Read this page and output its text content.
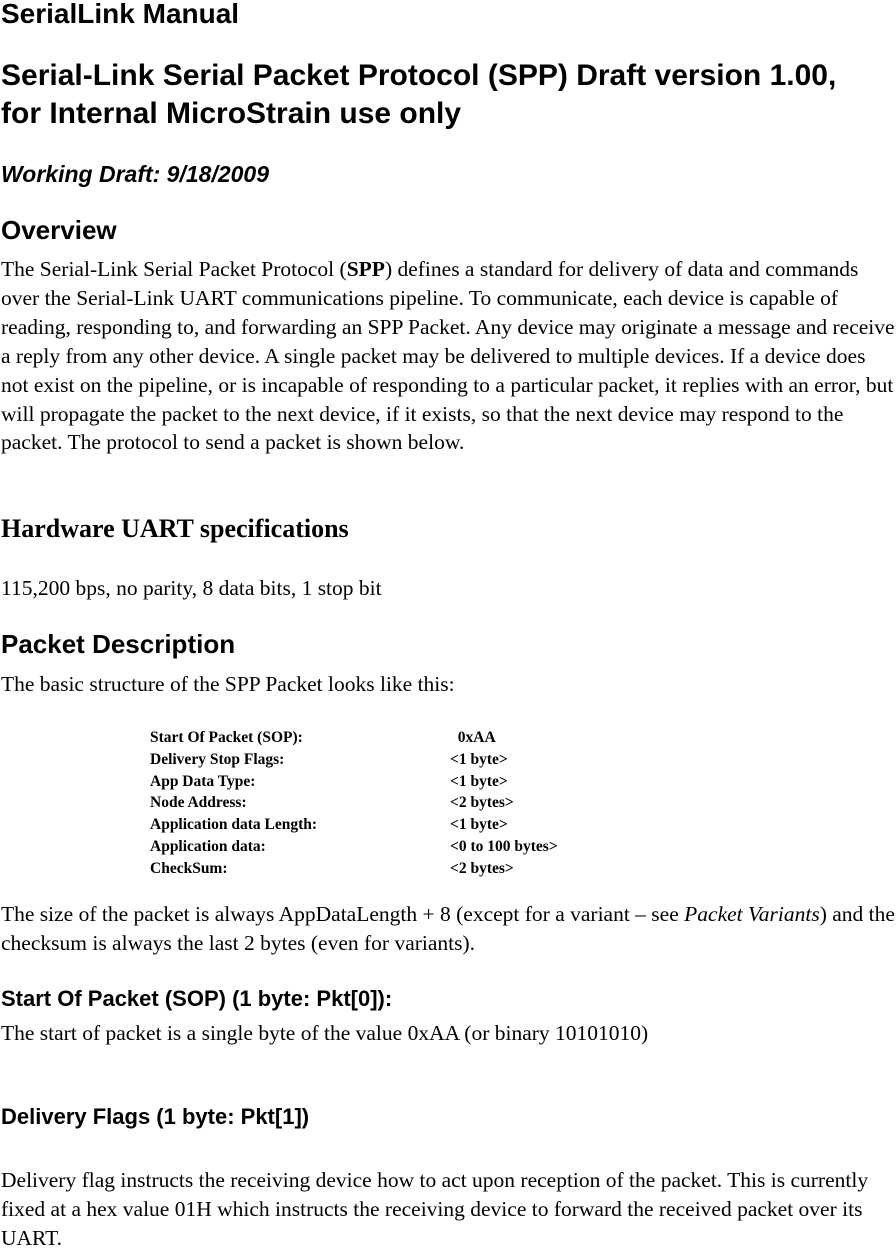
SerialLink Manual
Serial-Link Serial Packet Protocol (SPP) Draft version 1.00, for Internal MicroStrain use only
Working Draft: 9/18/2009
Overview

The Serial-Link Serial Packet Protocol (SPP) defines a standard for delivery of data and commands over the Serial-Link UART communications pipeline. To communicate, each device is capable of reading, responding to, and forwarding an SPP Packet. Any device may originate a message and receive a reply from any other device. A single packet may be delivered to multiple devices. If a device does not exist on the pipeline, or is incapable of responding to a particular packet, it replies with an error, but will propagate the packet to the next device, if it exists, so that the next device may respond to the packet. The protocol to send a packet is shown below.

Hardware UART specifications

115,200 bps, no parity, 8 data bits, 1 stop bit

Packet Description

The basic structure of the SPP Packet looks like this:

Start Of Packet (SOP):	0xAA
Delivery Stop Flags:	<1 byte>
App Data Type:	<1 byte>
Node Address:	<2 bytes>
Application data Length:	<1 byte>
Application data:	<0 to 100 bytes>
CheckSum:	<2 bytes>

The size of the packet is always AppDataLength + 8 (except for a variant – see Packet Variants) and the checksum is always the last 2 bytes (even for variants).

Start Of Packet (SOP) (1 byte: Pkt[0]):

The start of packet is a single byte of the value 0xAA (or binary 10101010)

Delivery Flags (1 byte: Pkt[1])

Delivery flag instructs the receiving device how to act upon reception of the packet. This is currently fixed at a hex value 01H which instructs the receiving device to forward the received packet over its UART.
